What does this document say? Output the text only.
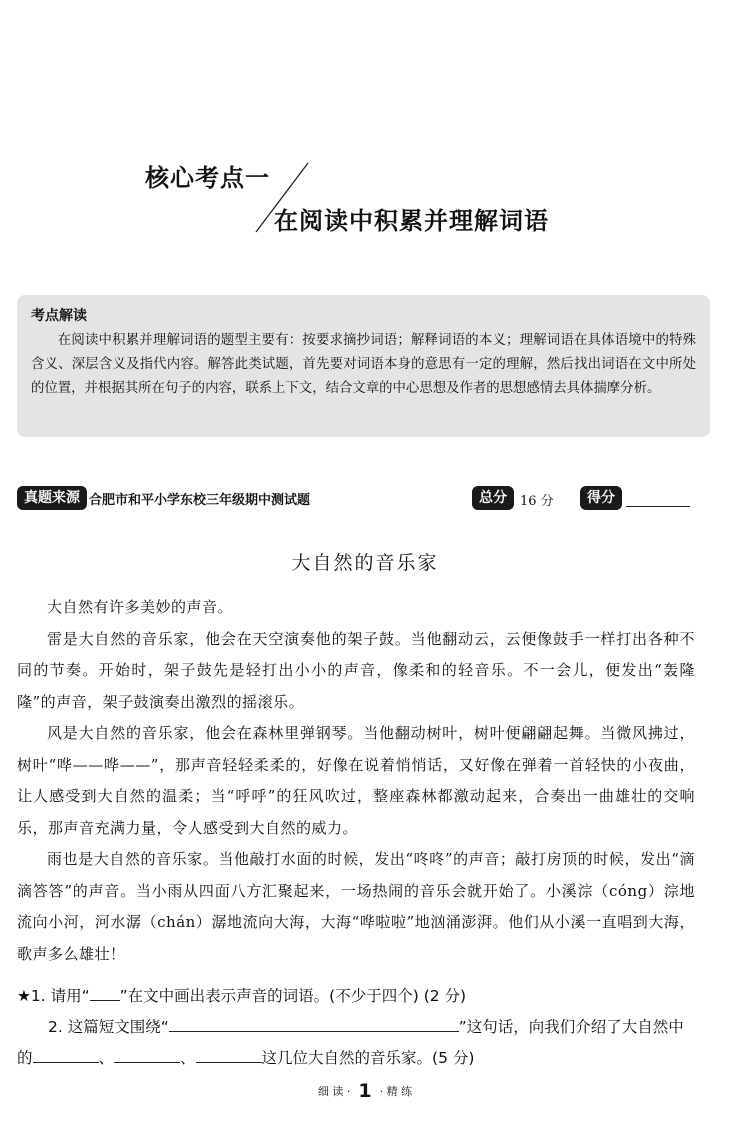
核心考点一
在阅读中积累并理解词语
考点解读
在阅读中积累并理解词语的题型主要有：按要求摘抄词语；解释词语的本义；理解词语在具体语境中的特殊含义、深层含义及指代内容。解答此类试题，首先要对词语本身的意思有一定的理解，然后找出词语在文中所处的位置，并根据其所在句子的内容，联系上下文，结合文章的中心思想及作者的思想感情去具体揣摩分析。
真题来源 合肥市和平小学东校三年级期中测试题	总分	16 分	得分
大自然的音乐家

大自然有许多美妙的声音。

雷是大自然的音乐家，他会在天空演奏他的架子鼓。当他翻动云，云便像鼓手一样打出各种不同的节奏。开始时，架子鼓先是轻打出小小的声音，像柔和的轻音乐。不一会儿，便发出“轰隆隆”的声音，架子鼓演奏出激烈的摇滚乐。

风是大自然的音乐家，他会在森林里弹钢琴。当他翻动树叶，树叶便翩翩起舞。当微风拂过，树叶“哗——哗——”，那声音轻轻柔柔的，好像在说着悄悄话，又好像在弹着一首轻快的小夜曲，让人感受到大自然的温柔；当“呼呼”的狂风吹过，整座森林都激动起来，合奏出一曲雄壮的交响乐，那声音充满力量，令人感受到大自然的威力。

雨也是大自然的音乐家。当他敲打水面的时候，发出“咚咚”的声音；敲打房顶的时候，发出“滴滴答答”的声音。当小雨从四面八方汇聚起来，一场热闹的音乐会就开始了。小溪淙（cóng）淙地流向小河，河水潺（chán）潺地流向大海，大海“哗啦啦”地汹涌澎湃。他们从小溪一直唱到大海，歌声多么雄壮！

★1. 请用“ ”在文中画出表示声音的词语。(不少于四个) (2 分)

2. 这篇短文围绕“	”这句话，向我们介绍了大自然中的	、	、	这几位大自然的音乐家。(5 分)

细 读 · 1 · 精 练
